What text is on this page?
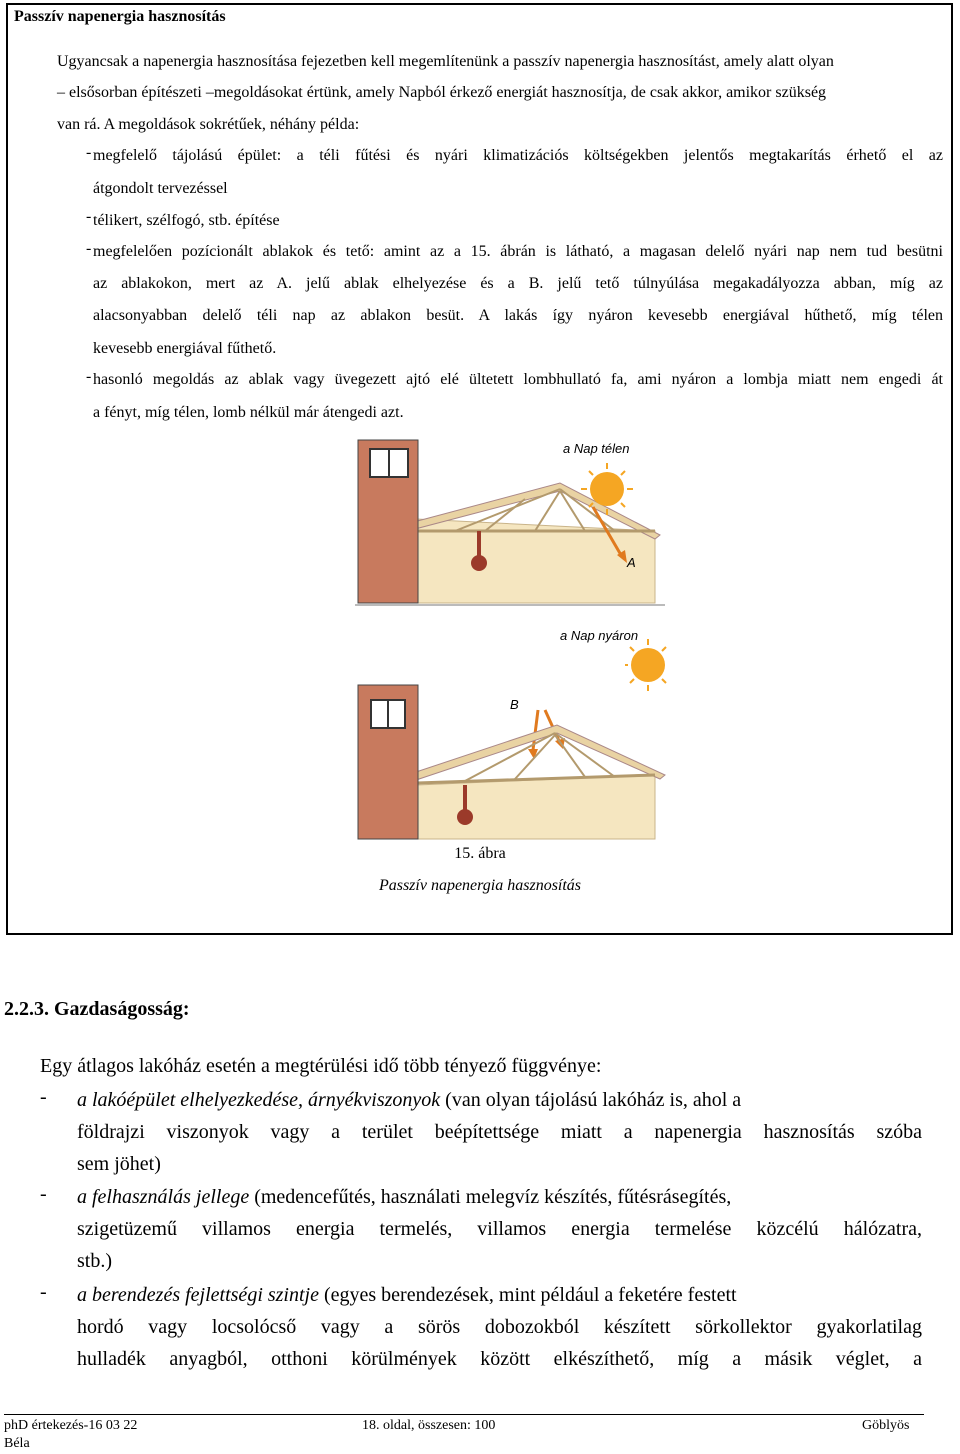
Passzív napenergia hasznosítás
Ugyancsak a napenergia hasznosítása fejezetben kell megemlítenünk a passzív napenergia hasznosítást, amely alatt olyan
– elsősorban építészeti –megoldásokat értünk, amely Napból érkező energiát hasznosítja, de csak akkor, amikor szükség
van rá. A megoldások sokrétűek, néhány példa:
- megfelelő tájolású épület: a téli fűtési és nyári klimatizációs költségekben jelentős megtakarítás érhető el az
átgondolt tervezéssel
- télikert, szélfogó, stb. építése
- megfelelően pozícionált ablakok és tető: amint az a 15. ábrán is látható, a magasan delelő nyári nap nem tud besütni
az ablakokon, mert az A. jelű ablak elhelyezése és a B. jelű tető túlnyúlása megakadályozza abban, míg az
alacsonyabban delelő téli nap az ablakon besüt. A lakás így nyáron kevesebb energiával hűthető, míg télen
kevesebb energiával fűthető.
- hasonló megoldás az ablak vagy üvegezett ajtó elé ültetett lombhullató fa, ami nyáron a lombja miatt nem engedi át
a fényt, míg télen, lomb nélkül már átengedi azt.
a Nap télen
A
a Nap nyáron
B
15. ábra
Passzív napenergia hasznosítás
2.2.3. Gazdaságosság:
Egy átlagos lakóház esetén a megtérülési idő több tényező függvénye:
- a lakóépület elhelyezkedése, árnyékviszonyok (van olyan tájolású lakóház is, ahol a
földrajzi viszonyok vagy a terület beépítettsége miatt a napenergia hasznosítás szóba
sem jöhet)
- a felhasználás jellege (medencefűtés, használati melegvíz készítés, fűtésrásegítés,
szigetüzemű villamos energia termelés, villamos energia termelése közcélú hálózatra,
stb.)
- a berendezés fejlettségi szintje (egyes berendezések, mint például a feketére festett
hordó vagy locsolócső vagy a sörös dobozokból készített sörkollektor gyakorlatilag
hulladék anyagból, otthoni körülmények között elkészíthető, míg a másik véglet, a
phD értekezés-16 03 22	18. oldal, összesen: 100	Göblyös
Béla
